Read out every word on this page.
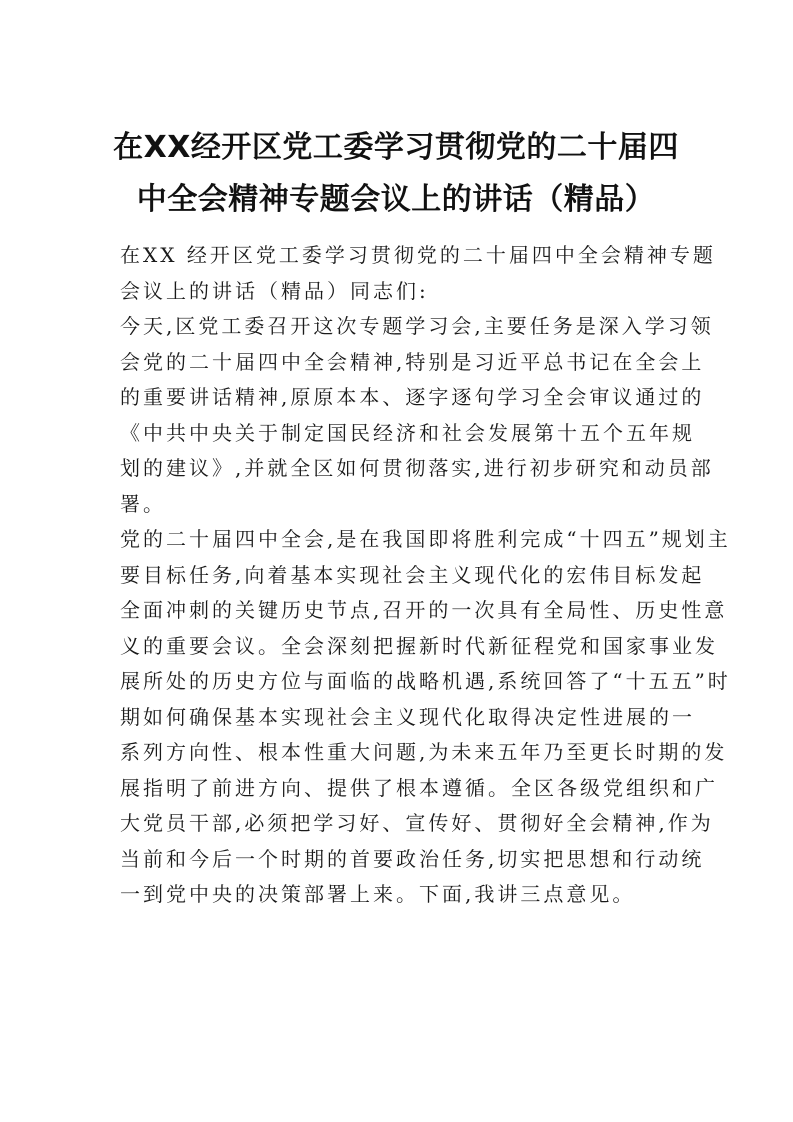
在XX经开区党工委学习贯彻党的二十届四
中全会精神专题会议上的讲话（精品）
在XX 经开区党工委学习贯彻党的二十届四中全会精神专题
会议上的讲话（精品）同志们:
今天,区党工委召开这次专题学习会,主要任务是深入学习领
会党的二十届四中全会精神,特别是习近平总书记在全会上
的重要讲话精神,原原本本、逐字逐句学习全会审议通过的
《中共中央关于制定国民经济和社会发展第十五个五年规
划的建议》,并就全区如何贯彻落实,进行初步研究和动员部
署。
党的二十届四中全会,是在我国即将胜利完成“十四五”规划主
要目标任务,向着基本实现社会主义现代化的宏伟目标发起
全面冲刺的关键历史节点,召开的一次具有全局性、历史性意
义的重要会议。全会深刻把握新时代新征程党和国家事业发
展所处的历史方位与面临的战略机遇,系统回答了“十五五”时
期如何确保基本实现社会主义现代化取得决定性进展的一
系列方向性、根本性重大问题,为未来五年乃至更长时期的发
展指明了前进方向、提供了根本遵循。全区各级党组织和广
大党员干部,必须把学习好、宣传好、贯彻好全会精神,作为
当前和今后一个时期的首要政治任务,切实把思想和行动统
一到党中央的决策部署上来。下面,我讲三点意见。
